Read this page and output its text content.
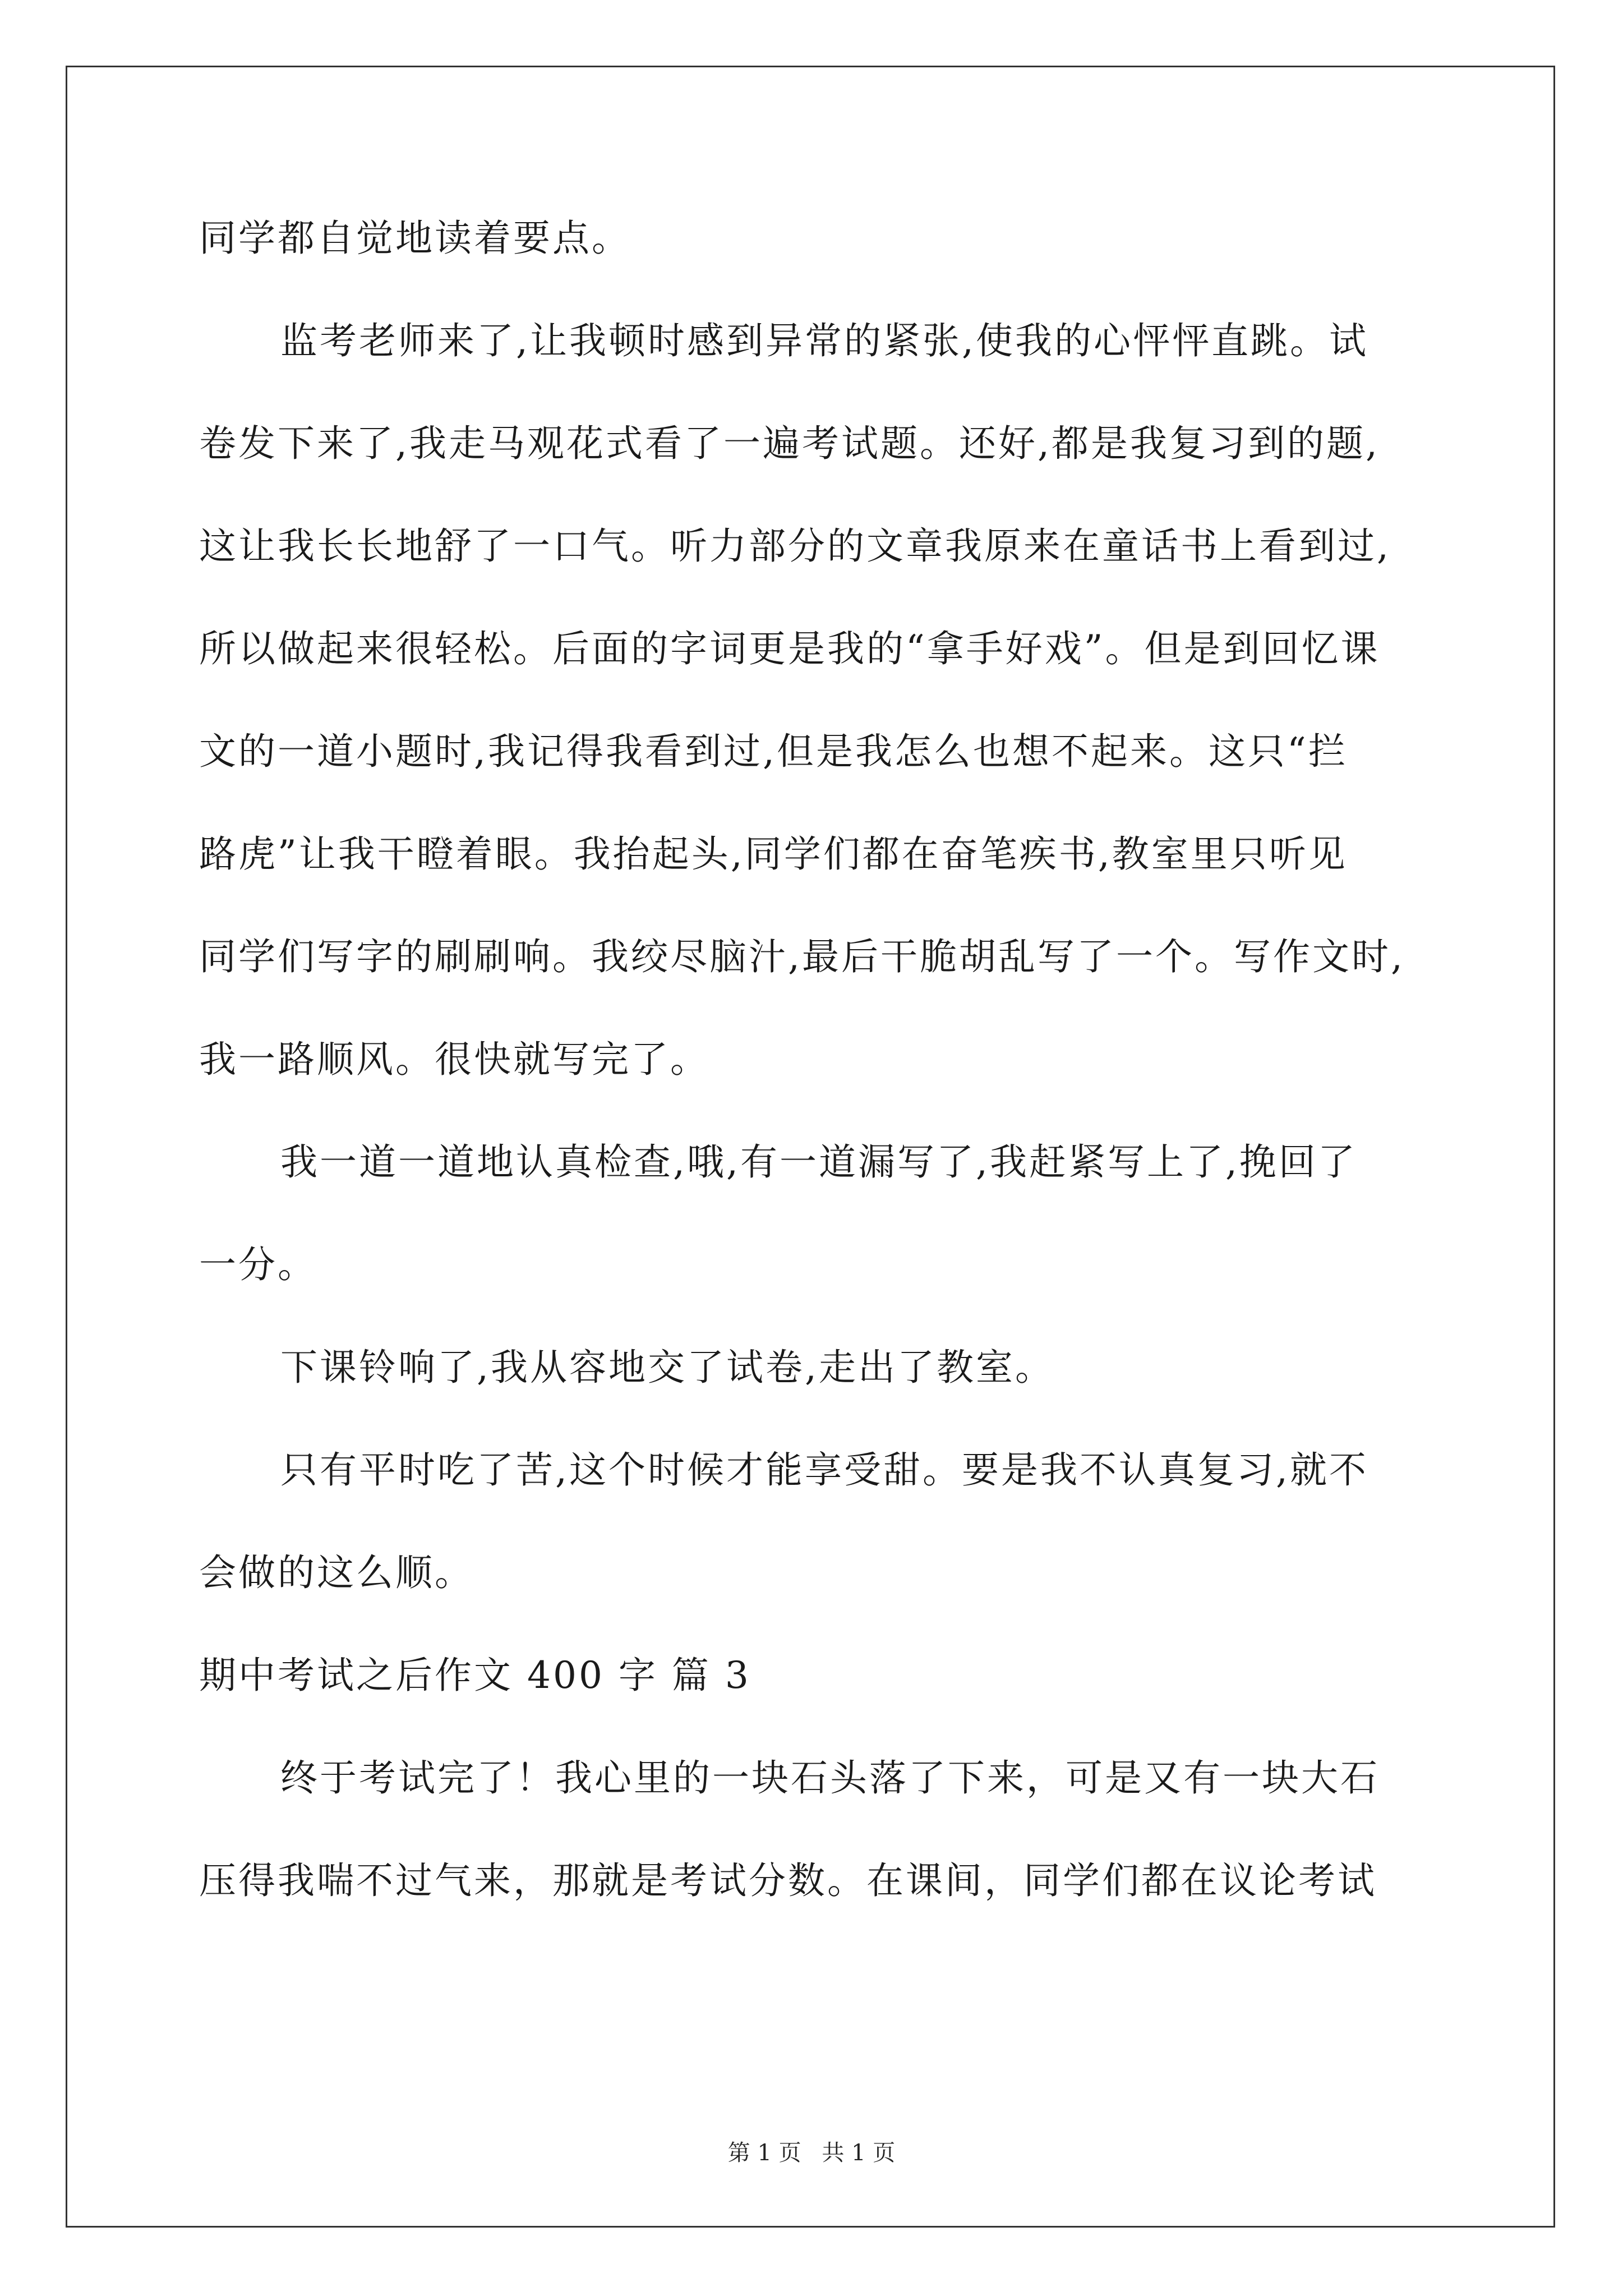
同学都自觉地读着要点。
监考老师来了,让我顿时感到异常的紧张,使我的心怦怦直跳。试
卷发下来了,我走马观花式看了一遍考试题。还好,都是我复习到的题,
这让我长长地舒了一口气。听力部分的文章我原来在童话书上看到过,
所以做起来很轻松。后面的字词更是我的“拿手好戏”。但是到回忆课
文的一道小题时,我记得我看到过,但是我怎么也想不起来。这只“拦
路虎”让我干瞪着眼。我抬起头,同学们都在奋笔疾书,教室里只听见
同学们写字的刷刷响。我绞尽脑汁,最后干脆胡乱写了一个。写作文时,
我一路顺风。很快就写完了。
我一道一道地认真检查,哦,有一道漏写了,我赶紧写上了,挽回了
一分。
下课铃响了,我从容地交了试卷,走出了教室。
只有平时吃了苦,这个时候才能享受甜。要是我不认真复习,就不
会做的这么顺。
期中考试之后作文 400 字 篇 3
终于考试完了！我心里的一块石头落了下来，可是又有一块大石
压得我喘不过气来，那就是考试分数。在课间，同学们都在议论考试
第 1 页 共 1 页
